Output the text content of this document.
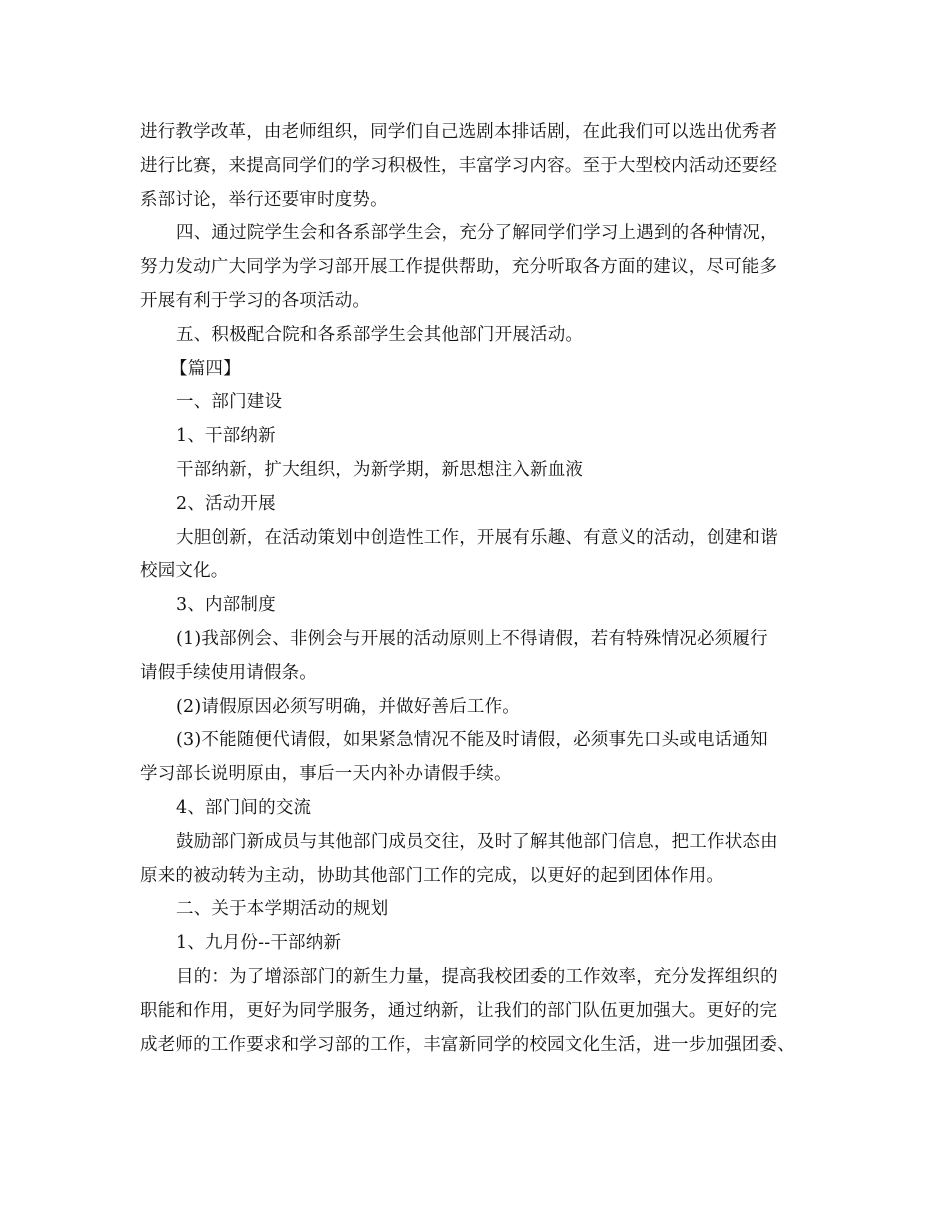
进行教学改革，由老师组织，同学们自己选剧本排话剧，在此我们可以选出优秀者
进行比赛，来提高同学们的学习积极性，丰富学习内容。至于大型校内活动还要经
系部讨论，举行还要审时度势。
四、通过院学生会和各系部学生会，充分了解同学们学习上遇到的各种情况，
努力发动广大同学为学习部开展工作提供帮助，充分听取各方面的建议，尽可能多
开展有利于学习的各项活动。
五、积极配合院和各系部学生会其他部门开展活动。
【篇四】
一、部门建设
1、干部纳新
干部纳新，扩大组织，为新学期，新思想注入新血液
2、活动开展
大胆创新，在活动策划中创造性工作，开展有乐趣、有意义的活动，创建和谐
校园文化。
3、内部制度
(1)我部例会、非例会与开展的活动原则上不得请假，若有特殊情况必须履行
请假手续使用请假条。
(2)请假原因必须写明确，并做好善后工作。
(3)不能随便代请假，如果紧急情况不能及时请假，必须事先口头或电话通知
学习部长说明原由，事后一天内补办请假手续。
4、部门间的交流
鼓励部门新成员与其他部门成员交往，及时了解其他部门信息，把工作状态由
原来的被动转为主动，协助其他部门工作的完成，以更好的起到团体作用。
二、关于本学期活动的规划
1、九月份--干部纳新
目的：为了增添部门的新生力量，提高我校团委的工作效率，充分发挥组织的
职能和作用，更好为同学服务，通过纳新，让我们的部门队伍更加强大。更好的完
成老师的工作要求和学习部的工作，丰富新同学的校园文化生活，进一步加强团委、
